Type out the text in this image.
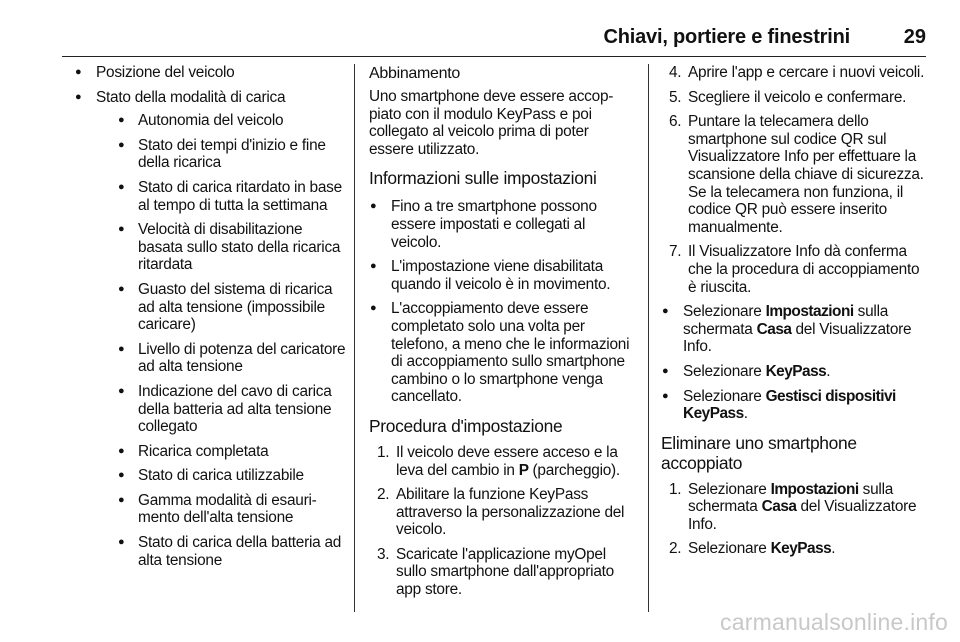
Chiavi, portiere e finestrini	29
● Posizione del veicolo
● Stato della modalità di carica
● Autonomia del veicolo
● Stato dei tempi d'inizio e fine della ricarica
● Stato di carica ritardato in base al tempo di tutta la settimana
● Velocità di disabilitazione basata sullo stato della ricarica ritardata
● Guasto del sistema di ricarica ad alta tensione (impossibile caricare)
● Livello di potenza del caricatore ad alta tensione
● Indicazione del cavo di carica della batteria ad alta tensione collegato
● Ricarica completata
● Stato di carica utilizzabile
● Gamma modalità di esaurimento dell'alta tensione
● Stato di carica della batteria ad alta tensione
Abbinamento

Uno smartphone deve essere accoppiato con il modulo KeyPass e poi collegato al veicolo prima di poter essere utilizzato.

Informazioni sulle impostazioni
● Fino a tre smartphone possono essere impostati e collegati al veicolo.
● L'impostazione viene disabilitata quando il veicolo è in movimento.
● L'accoppiamento deve essere completato solo una volta per telefono, a meno che le informazioni di accoppiamento sullo smartphone cambino o lo smartphone venga cancellato.
Procedura d'impostazione
1. Il veicolo deve essere acceso e la leva del cambio in P (parcheggio).
2. Abilitare la funzione KeyPass attraverso la personalizzazione del veicolo.
3. Scaricate l'applicazione myOpel sullo smartphone dall'appropriato app store.
4. Aprire l'app e cercare i nuovi veicoli.
5. Scegliere il veicolo e confermare.
6. Puntare la telecamera dello smartphone sul codice QR sul Visualizzatore Info per effettuare la scansione della chiave di sicurezza. Se la telecamera non funziona, il codice QR può essere inserito manualmente.
7. Il Visualizzatore Info dà conferma che la procedura di accoppiamento è riuscita.
● Selezionare Impostazioni sulla schermata Casa del Visualizzatore Info.
● Selezionare KeyPass.
● Selezionare Gestisci dispositivi KeyPass.
Eliminare uno smartphone accoppiato
1. Selezionare Impostazioni sulla schermata Casa del Visualizzatore Info.
2. Selezionare KeyPass.
carmanualsonline.info
